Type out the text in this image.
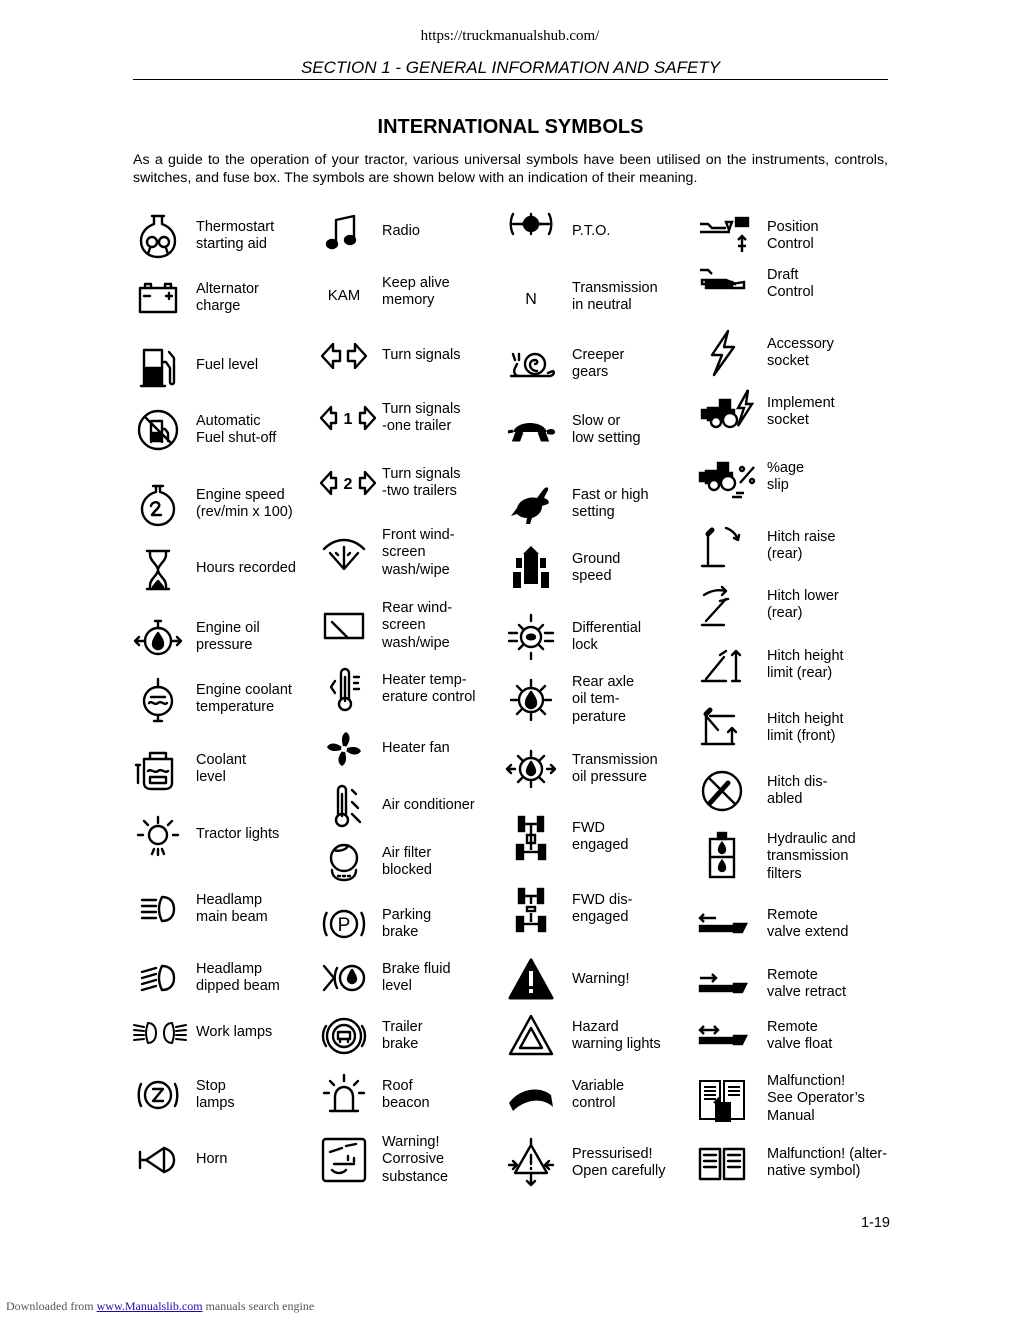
https://truckmanualshub.com/
SECTION 1 - GENERAL INFORMATION AND SAFETY
INTERNATIONAL SYMBOLS
As a guide to the operation of your tractor, various universal symbols have been utilised on the instruments, controls, switches, and fuse box. The symbols are shown below with an indication of their meaning.
Thermostart
starting aid
Alternator
charge
Fuel level
Automatic
Fuel shut-off
Engine speed
(rev/min x 100)
Hours recorded
Engine oil
pressure
Engine coolant
temperature
Coolant
level
Tractor lights
Headlamp
main beam
Headlamp
dipped beam
Work lamps
Stop
lamps
Horn
Radio
KAM
Keep alive
memory
Turn signals
1
Turn signals
-one trailer
2
Turn signals
-two trailers
Front wind-
screen
wash/wipe
Rear wind-
screen
wash/wipe
Heater temp-
erature control
Heater fan
Air conditioner
Air filter
blocked
P
Parking
brake
Brake fluid
level
Trailer
brake
Roof
beacon
Warning!
Corrosive
substance
P.T.O.
N
Transmission
in neutral
Creeper
gears
Slow or
low setting
Fast or high
setting
Ground
speed
Differential
lock
Rear axle
oil tem-
perature
Transmission
oil pressure
FWD
engaged
FWD dis-
engaged
Warning!
Hazard
warning lights
Variable
control
Pressurised!
Open carefully
Position
Control
Draft
Control
Accessory
socket
Implement
socket
%age
slip
Hitch raise
(rear)
Hitch lower
(rear)
Hitch height
limit (rear)
Hitch height
limit (front)
Hitch dis-
abled
Hydraulic and
transmission
filters
Remote
valve extend
Remote
valve retract
Remote
valve float
Malfunction!
See Operator’s
Manual
Malfunction! (alter-
native symbol)
1-19
Downloaded from www.Manualslib.com manuals search engine
